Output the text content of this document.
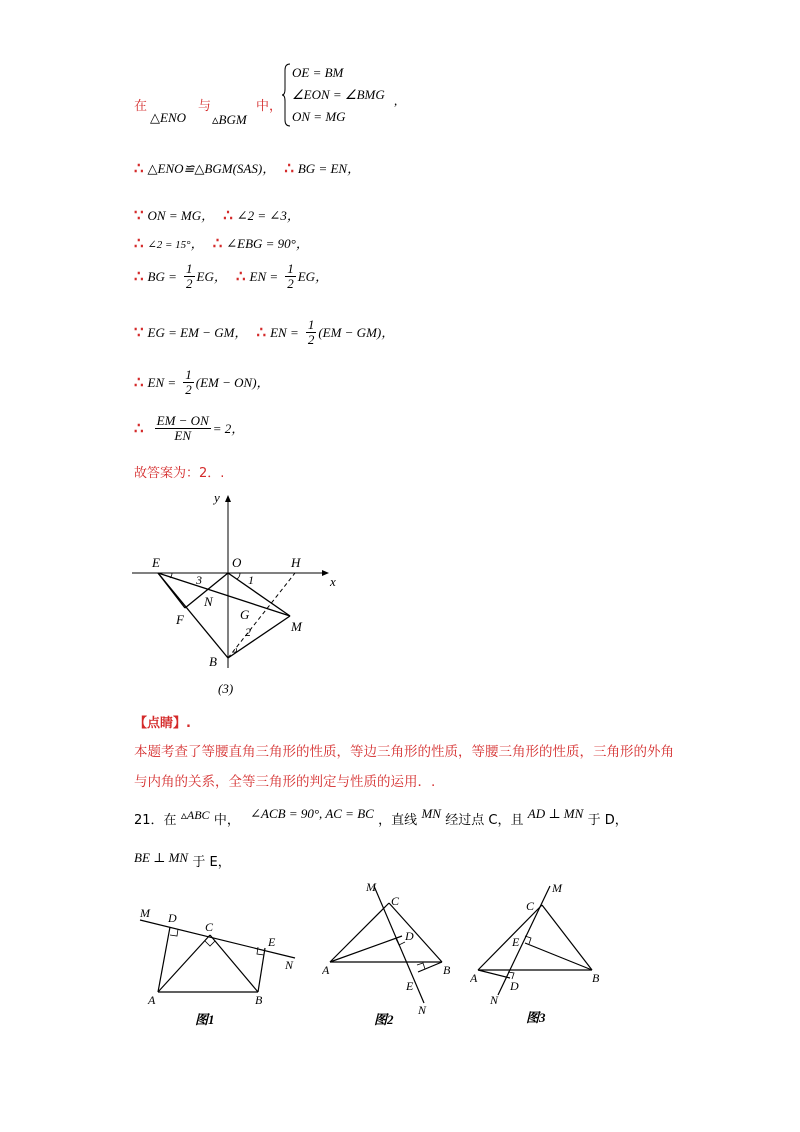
在
△ENO
与
▵BGM
中，
OE = BM
∠EON = ∠BMG
ON = MG
,
∴ △ENO≌△BGM(SAS)， ∴ BG = EN，
∵ ON = MG， ∴ ∠2 = ∠3，
∴ ∠2 = 15°， ∴ ∠EBG = 90°，
∴ BG = $\frac{1}{2}$ EG， ∴ EN = $\frac{1}{2}$ EG，
∵ EG = EM − GM， ∴ EN = $\frac{1}{2} (EM - GM)$，
∴ EN = $\frac{1}{2} (EM - ON)$，
∴ $\frac{EM - ON}{EN} = 2$，
故答案为：2．.
y
x
E	O	H
3	1
N
F	G
2	M
B
(3)
【点睛】.
本题考查了等腰直角三角形的性质，等边三角形的性质，等腰三角形的性质，三角形的外角与内角的关系，全等三角形的判定与性质的运用．.
21．在 ▵ABC 中， ∠ACB = 90°, AC = BC ，直线 MN 经过点 C，且 AD ⊥ MN 于 D，
BE ⊥ MN 于 E，
M D
C
E
N
A	B
图1
M
C
D
A	B
E
N
图2
M
C
E
A	B
D
N
图3
